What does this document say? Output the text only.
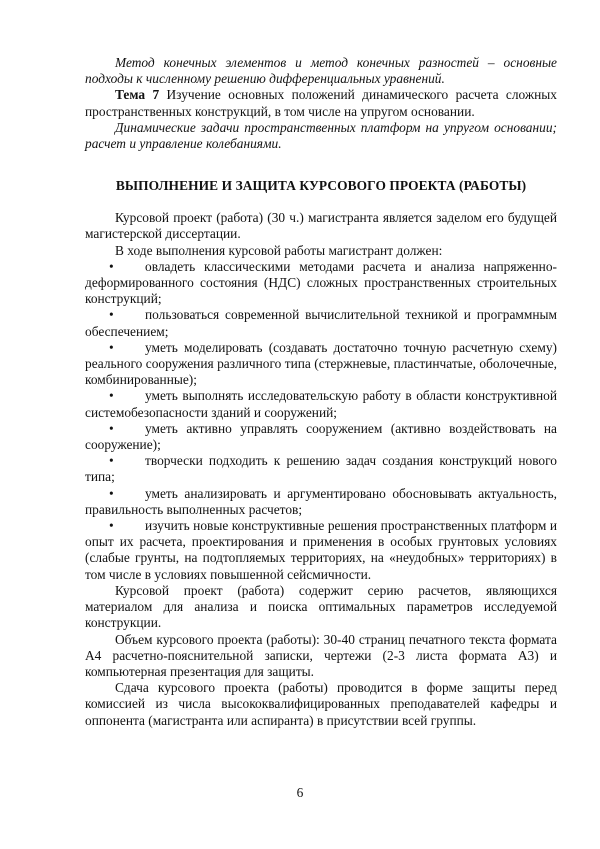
Метод конечных элементов и метод конечных разностей – основные подходы к численному решению дифференциальных уравнений.

Тема 7 Изучение основных положений динамического расчета сложных пространственных конструкций, в том числе на упругом основании.

Динамические задачи пространственных платформ на упругом основании; расчет и управление колебаниями.

ВЫПОЛНЕНИЕ И ЗАЩИТА КУРСОВОГО ПРОЕКТА (РАБОТЫ)

Курсовой проект (работа) (30 ч.) магистранта является заделом его будущей магистерской диссертации.

В ходе выполнения курсовой работы магистрант должен:

• овладеть классическими методами расчета и анализа напряженно-деформированного состояния (НДС) сложных пространственных строительных конструкций;

• пользоваться современной вычислительной техникой и программным обеспечением;

• уметь моделировать (создавать достаточно точную расчетную схему) реального сооружения различного типа (стержневые, пластинчатые, оболочечные, комбинированные);

• уметь выполнять исследовательскую работу в области конструктивной системобезопасности зданий и сооружений;

• уметь активно управлять сооружением (активно воздействовать на сооружение);

• творчески подходить к решению задач создания конструкций нового типа;

• уметь анализировать и аргументировано обосновывать актуальность, правильность выполненных расчетов;

• изучить новые конструктивные решения пространственных платформ и опыт их расчета, проектирования и применения в особых грунтовых условиях (слабые грунты, на подтопляемых территориях, на «неудобных» территориях) в том числе в условиях повышенной сейсмичности.

Курсовой проект (работа) содержит серию расчетов, являющихся материалом для анализа и поиска оптимальных параметров исследуемой конструкции.

Объем курсового проекта (работы): 30-40 страниц печатного текста формата А4 расчетно-пояснительной записки, чертежи (2-3 листа формата А3) и компьютерная презентация для защиты.

Сдача курсового проекта (работы) проводится в форме защиты перед комиссией из числа высококвалифицированных преподавателей кафедры и оппонента (магистранта или аспиранта) в присутствии всей группы.

6
